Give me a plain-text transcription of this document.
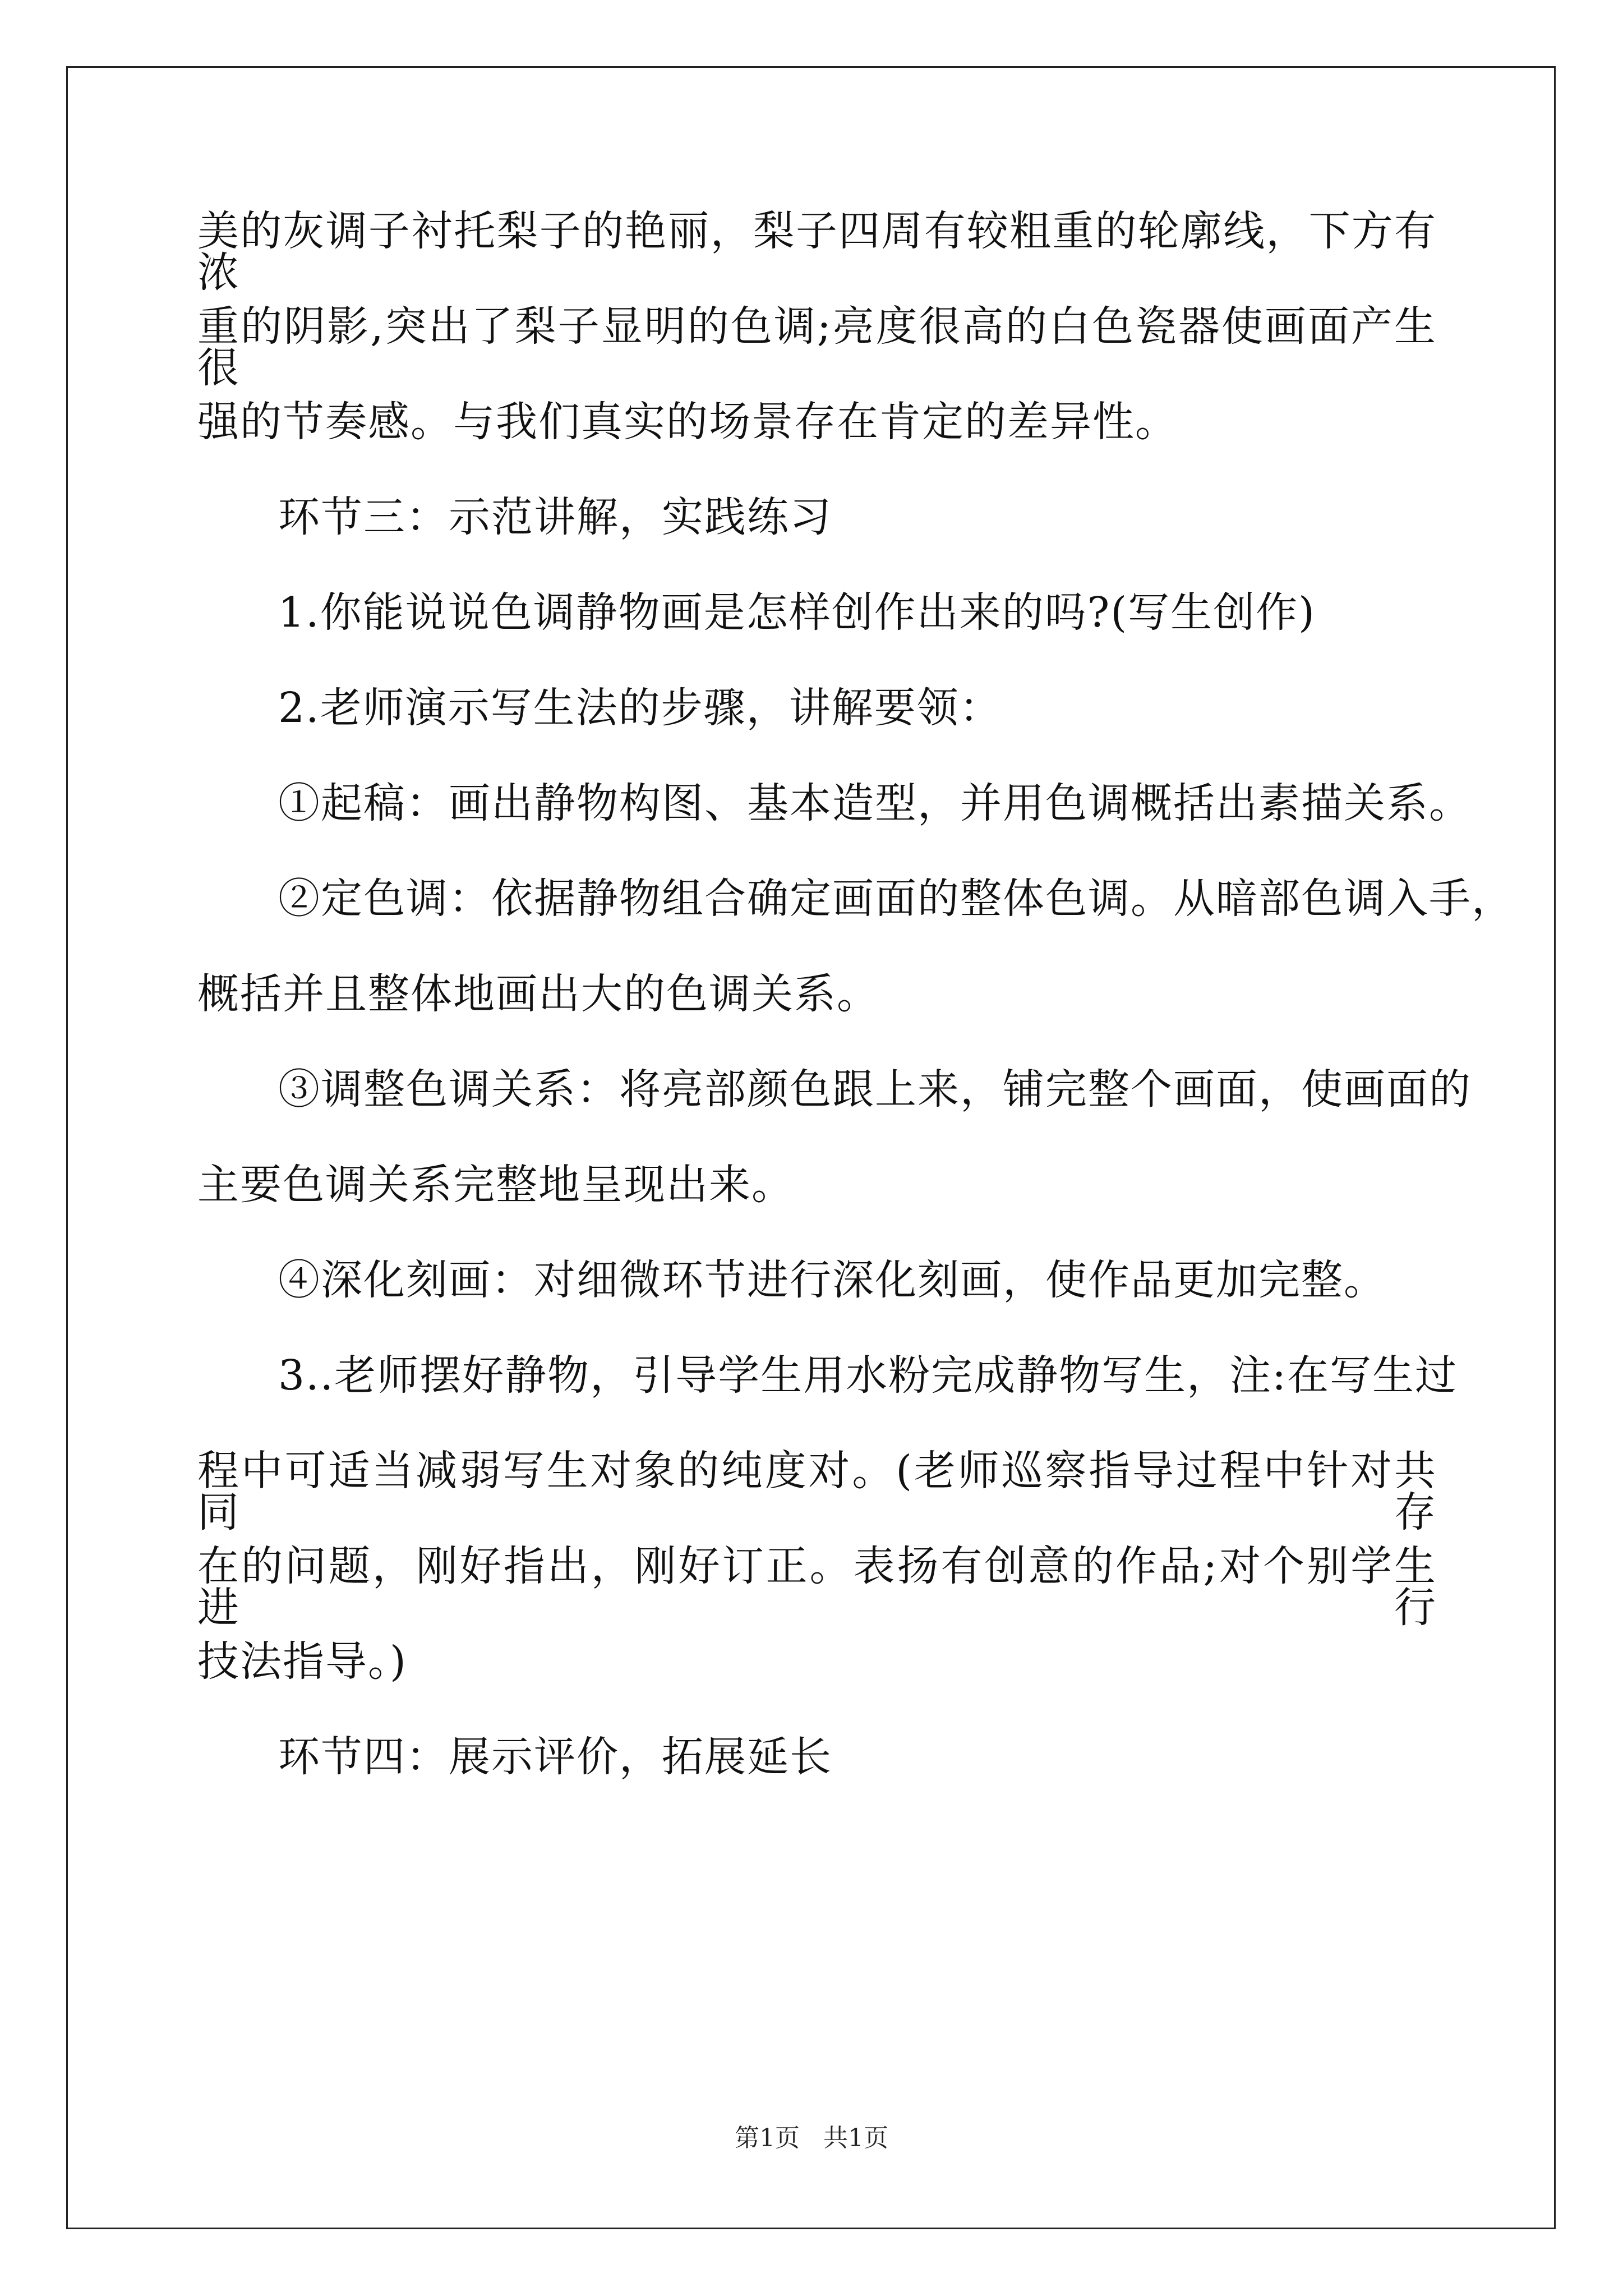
美的灰调子衬托梨子的艳丽，梨子四周有较粗重的轮廓线，下方有浓
重的阴影,突出了梨子显明的色调;亮度很高的白色瓷器使画面产生很
强的节奏感。与我们真实的场景存在肯定的差异性。
环节三：示范讲解，实践练习
1.你能说说色调静物画是怎样创作出来的吗?(写生创作)
2.老师演示写生法的步骤，讲解要领：
①起稿：画出静物构图、基本造型，并用色调概括出素描关系。
②定色调：依据静物组合确定画面的整体色调。从暗部色调入手，
概括并且整体地画出大的色调关系。
③调整色调关系：将亮部颜色跟上来，铺完整个画面，使画面的
主要色调关系完整地呈现出来。
④深化刻画：对细微环节进行深化刻画，使作品更加完整。
3..老师摆好静物，引导学生用水粉完成静物写生，注:在写生过
程中可适当减弱写生对象的纯度对。(老师巡察指导过程中针对共同存
在的问题，刚好指出，刚好订正。表扬有创意的作品;对个别学生进行
技法指导。)
环节四：展示评价，拓展延长
第1页 共1页
